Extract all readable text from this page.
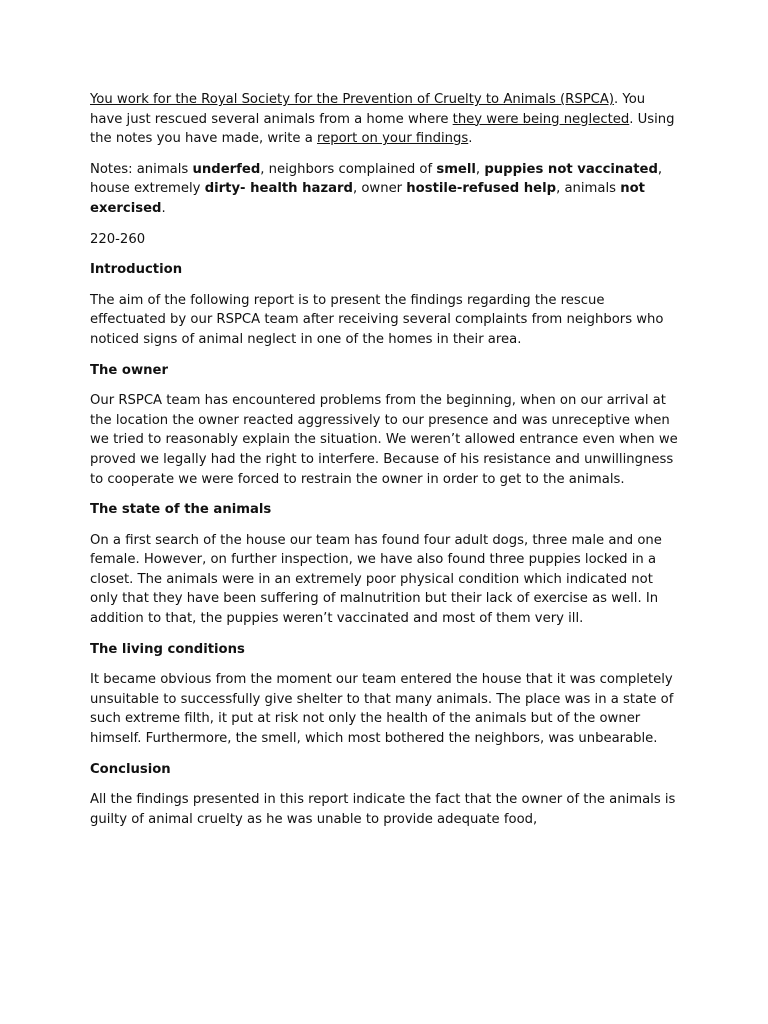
You work for the Royal Society for the Prevention of Cruelty to Animals (RSPCA). You have just rescued several animals from a home where they were being neglected. Using the notes you have made, write a report on your findings.

Notes: animals underfed, neighbors complained of smell, puppies not vaccinated, house extremely dirty- health hazard, owner hostile-refused help, animals not exercised.

220-260

Introduction

The aim of the following report is to present the findings regarding the rescue effectuated by our RSPCA team after receiving several complaints from neighbors who noticed signs of animal neglect in one of the homes in their area.

The owner

Our RSPCA team has encountered problems from the beginning, when on our arrival at the location the owner reacted aggressively to our presence and was unreceptive when we tried to reasonably explain the situation. We weren’t allowed entrance even when we proved we legally had the right to interfere. Because of his resistance and unwillingness to cooperate we were forced to restrain the owner in order to get to the animals.

The state of the animals

On a first search of the house our team has found four adult dogs, three male and one female. However, on further inspection, we have also found three puppies locked in a closet. The animals were in an extremely poor physical condition which indicated not only that they have been suffering of malnutrition but their lack of exercise as well. In addition to that, the puppies weren’t vaccinated and most of them very ill.

The living conditions

It became obvious from the moment our team entered the house that it was completely unsuitable to successfully give shelter to that many animals. The place was in a state of such extreme filth, it put at risk not only the health of the animals but of the owner himself. Furthermore, the smell, which most bothered the neighbors, was unbearable.

Conclusion

All the findings presented in this report indicate the fact that the owner of the animals is guilty of animal cruelty as he was unable to provide adequate food,
